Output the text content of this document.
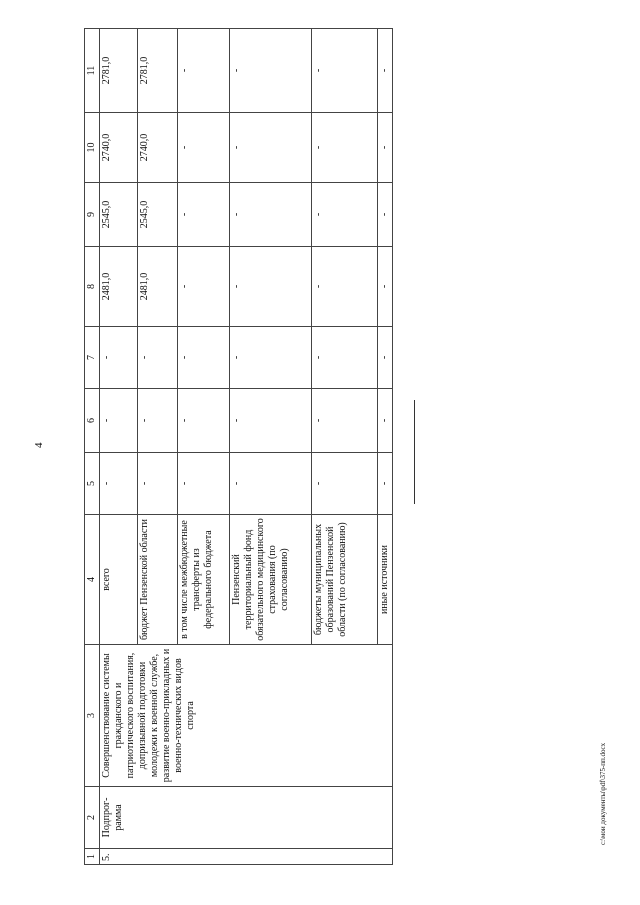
4
1	2	3	4	5	6	7	8	9	10	11
5.	Подпрог-рамма	Совершенствование системы гражданского и патриотического воспитания, допризывной подготовки молодежи к военной службе, развитие военно-прикладных и военно-технических видов спорта	всего	-	-	-	2481,0	2545,0	2740,0	2781,0
			бюджет Пензенской области	-	-	-	2481,0	2545,0	2740,0	2781,0
			в том числе межбюджетные трансферты из федерального бюджета	-	-	-	-	-	-	-
			Пензенский территориальный фонд обязательного медицинского страхования (по согласованию)	-	-	-	-	-	-	-
			бюджеты муниципальных образований Пензенской области (по согласованию)	-	-	-	-	-	-	-
			иные источники	-	-	-	-	-	-	-
c:\мои документы\pdf\375-пп.docx
